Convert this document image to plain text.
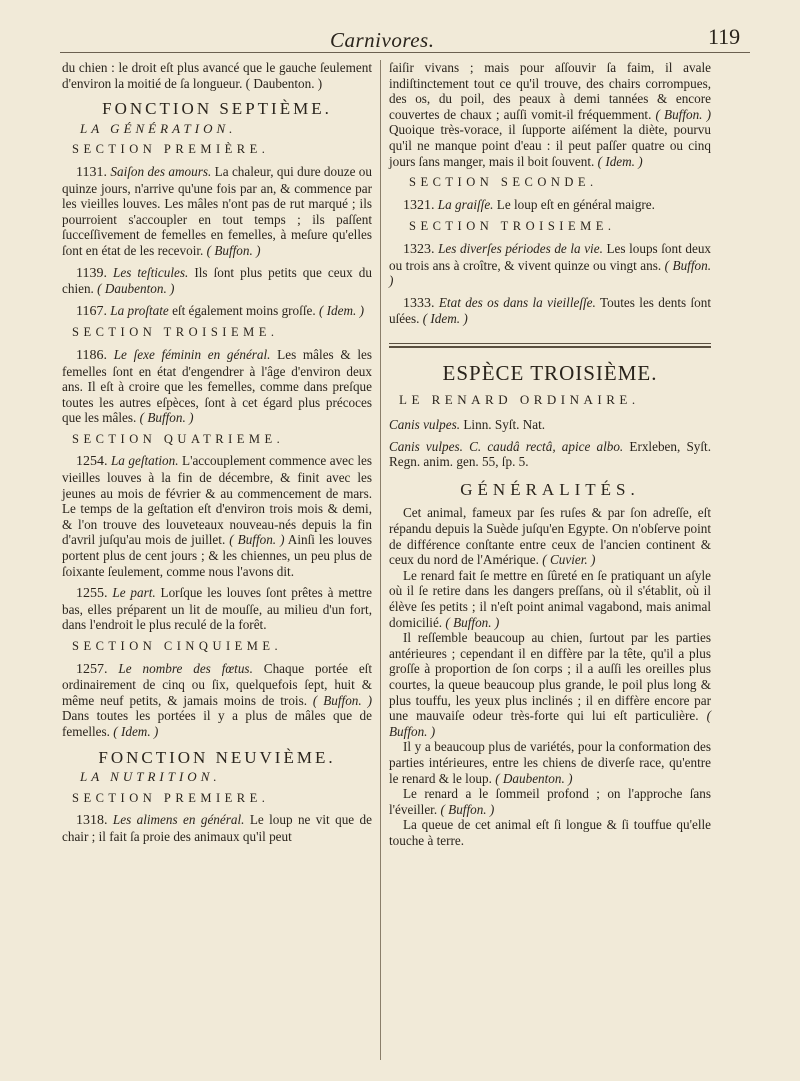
Carnivores.	119

du chien : le droit eſt plus avancé que le gauche ſeulement d'environ la moitié de ſa longueur. ( Daubenton. )

FONCTION SEPTIÈME.
LA GÉNÉRATION.
SECTION PREMIÈRE.

1131. Saiſon des amours. La chaleur, qui dure douze ou quinze jours, n'arrive qu'une fois par an, & commence par les vieilles louves. Les mâles n'ont pas de rut marqué ; ils pourroient s'accoupler en tout temps ; ils paſſent ſucceſſivement de femelles en femelles, à meſure qu'elles ſont en état de les recevoir. ( Buffon. )

1139. Les teſticules. Ils ſont plus petits que ceux du chien. ( Daubenton. )

1167. La proſtate eſt également moins groſſe. ( Idem. )

SECTION TROISIEME.

1186. Le ſexe féminin en général. Les mâles & les femelles ſont en état d'engendrer à l'âge d'environ deux ans. Il eſt à croire que les femelles, comme dans preſque toutes les autres eſpèces, ſont à cet égard plus précoces que les mâles. ( Buffon. )

SECTION QUATRIEME.

1254. La geſtation. L'accouplement commence avec les vieilles louves à la fin de décembre, & finit avec les jeunes au mois de février & au commencement de mars. Le temps de la geſtation eſt d'environ trois mois & demi, & l'on trouve des louveteaux nouveau-nés depuis la fin d'avril juſqu'au mois de juillet. ( Buffon. ) Ainſi les louves portent plus de cent jours ; & les chiennes, un peu plus de ſoixante ſeulement, comme nous l'avons dit.

1255. Le part. Lorſque les louves ſont prêtes à mettre bas, elles préparent un lit de mouſſe, au milieu d'un fort, dans l'endroit le plus reculé de la forêt.

SECTION CINQUIEME.

1257. Le nombre des fœtus. Chaque portée eſt ordinairement de cinq ou ſix, quelquefois ſept, huit & même neuf petits, & jamais moins de trois. ( Buffon. ) Dans toutes les portées il y a plus de mâles que de femelles. ( Idem. )

FONCTION NEUVIÈME.
LA NUTRITION.
SECTION PREMIERE.

1318. Les alimens en général. Le loup ne vit que de chair ; il fait ſa proie des animaux qu'il peut

ſaiſir vivans ; mais pour aſſouvir ſa faim, il avale indiſtinctement tout ce qu'il trouve, des chairs corrompues, des os, du poil, des peaux à demi tannées & encore couvertes de chaux ; auſſi vomit-il fréquemment. ( Buffon. ) Quoique très-vorace, il ſupporte aiſément la diète, pourvu qu'il ne manque point d'eau : il peut paſſer quatre ou cinq jours ſans manger, mais il boit ſouvent. ( Idem. )

SECTION SECONDE.

1321. La graiſſe. Le loup eſt en général maigre.

SECTION TROISIEME.

1323. Les diverſes périodes de la vie. Les loups ſont deux ou trois ans à croître, & vivent quinze ou vingt ans. ( Buffon. )

1333. Etat des os dans la vieilleſſe. Toutes les dents ſont uſées. ( Idem. )

ESPÈCE TROISIÈME.
LE RENARD ORDINAIRE.

Canis vulpes. Linn. Syſt. Nat.

Canis vulpes. C. caudâ rectâ, apice albo. Erxleben, Syſt. Regn. anim. gen. 55, ſp. 5.

GÉNÉRALITÉS.

Cet animal, fameux par ſes ruſes & par ſon adreſſe, eſt répandu depuis la Suède juſqu'en Egypte. On n'obſerve point de différence conſtante entre ceux de l'ancien continent & ceux du nord de l'Amérique. ( Cuvier. )

Le renard fait ſe mettre en ſûreté en ſe pratiquant un aſyle où il ſe retire dans les dangers preſſans, où il s'établit, où il élève ſes petits ; il n'eſt point animal vagabond, mais animal domicilié. ( Buffon. )

Il reſſemble beaucoup au chien, ſurtout par les parties antérieures ; cependant il en diffère par la tête, qu'il a plus groſſe à proportion de ſon corps ; il a auſſi les oreilles plus courtes, la queue beaucoup plus grande, le poil plus long & plus touffu, les yeux plus inclinés ; il en diffère encore par une mauvaiſe odeur très-forte qui lui eſt particulière. ( Buffon. )

Il y a beaucoup plus de variétés, pour la conformation des parties intérieures, entre les chiens de diverſe race, qu'entre le renard & le loup. ( Daubenton. )

Le renard a le ſommeil profond ; on l'approche ſans l'éveiller. ( Buffon. )

La queue de cet animal eſt ſi longue & ſi touffue qu'elle touche à terre.
